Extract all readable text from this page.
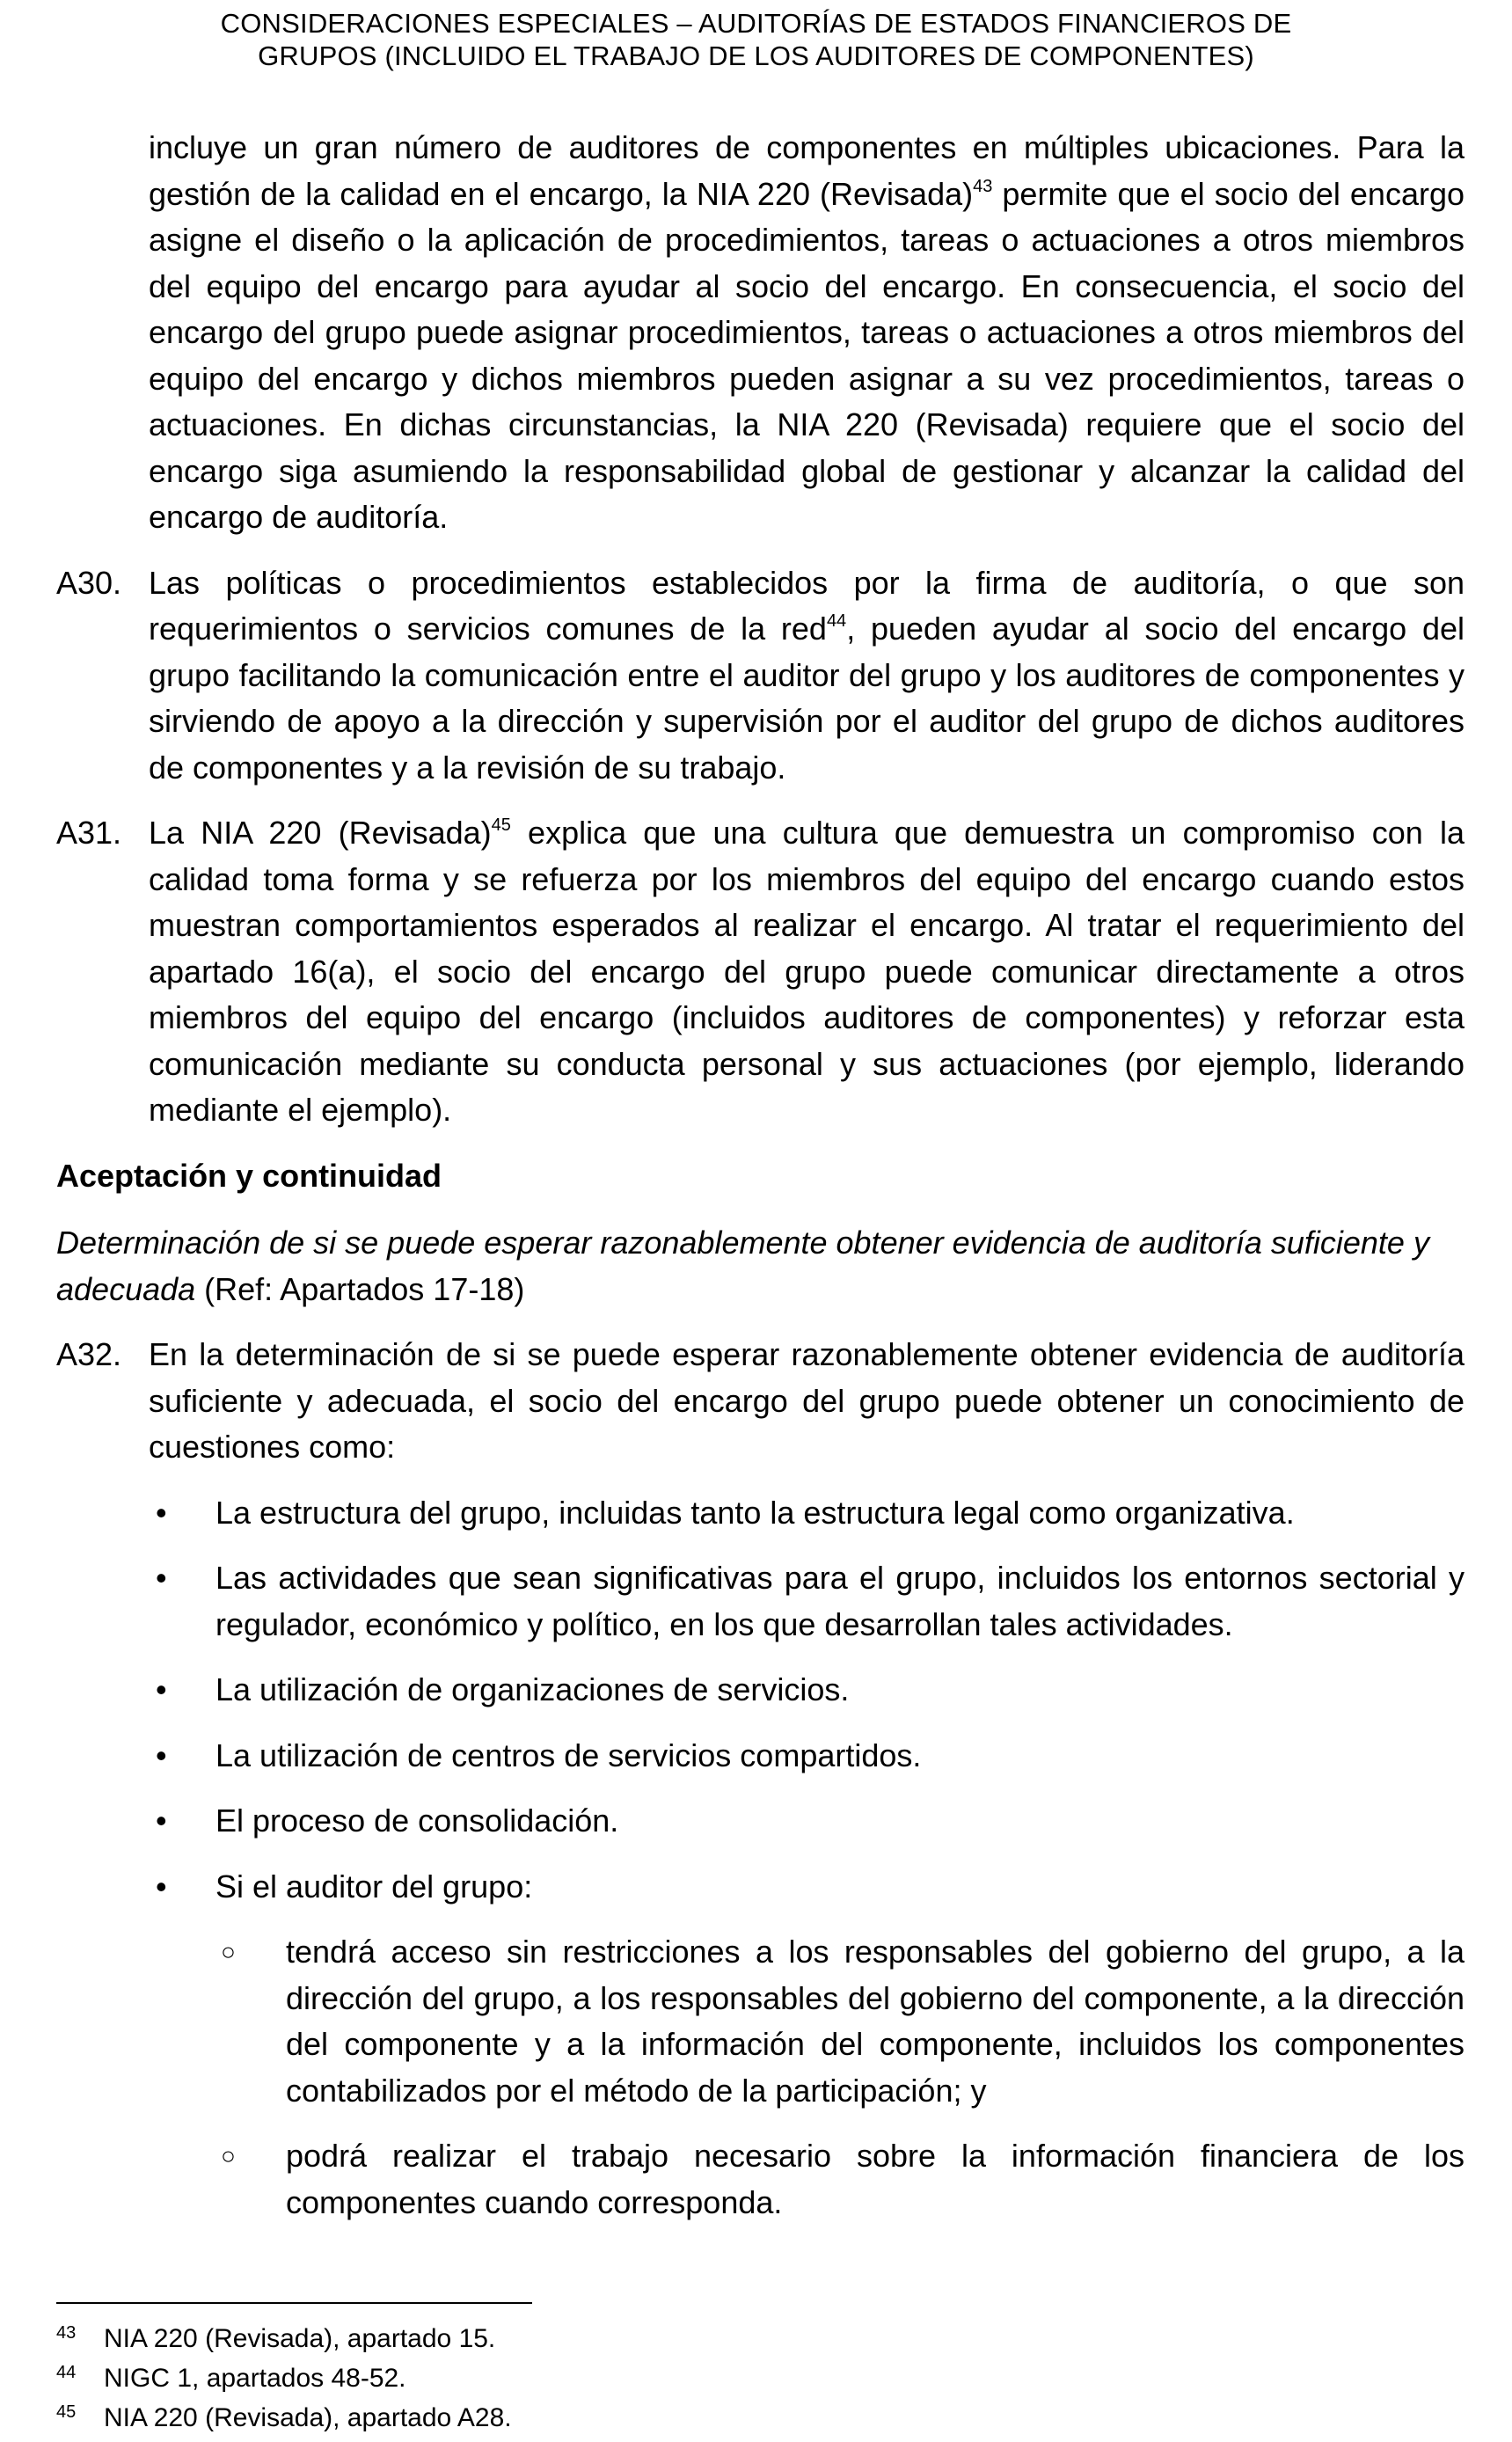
CONSIDERACIONES ESPECIALES – AUDITORÍAS DE ESTADOS FINANCIEROS DE
GRUPOS (INCLUIDO EL TRABAJO DE LOS AUDITORES DE COMPONENTES)
incluye un gran número de auditores de componentes en múltiples ubicaciones. Para la gestión de la calidad en el encargo, la NIA 220 (Revisada)$^{43}$ permite que el socio del encargo asigne el diseño o la aplicación de procedimientos, tareas o actuaciones a otros miembros del equipo del encargo para ayudar al socio del encargo. En consecuencia, el socio del encargo del grupo puede asignar procedimientos, tareas o actuaciones a otros miembros del equipo del encargo y dichos miembros pueden asignar a su vez procedimientos, tareas o actuaciones. En dichas circunstancias, la NIA 220 (Revisada) requiere que el socio del encargo siga asumiendo la responsabilidad global de gestionar y alcanzar la calidad del encargo de auditoría.
A30. Las políticas o procedimientos establecidos por la firma de auditoría, o que son requerimientos o servicios comunes de la red$^{44}$, pueden ayudar al socio del encargo del grupo facilitando la comunicación entre el auditor del grupo y los auditores de componentes y sirviendo de apoyo a la dirección y supervisión por el auditor del grupo de dichos auditores de componentes y a la revisión de su trabajo.
A31. La NIA 220 (Revisada)$^{45}$ explica que una cultura que demuestra un compromiso con la calidad toma forma y se refuerza por los miembros del equipo del encargo cuando estos muestran comportamientos esperados al realizar el encargo. Al tratar el requerimiento del apartado 16(a), el socio del encargo del grupo puede comunicar directamente a otros miembros del equipo del encargo (incluidos auditores de componentes) y reforzar esta comunicación mediante su conducta personal y sus actuaciones (por ejemplo, liderando mediante el ejemplo).
Aceptación y continuidad
Determinación de si se puede esperar razonablemente obtener evidencia de auditoría suficiente y adecuada (Ref: Apartados 17-18)
A32. En la determinación de si se puede esperar razonablemente obtener evidencia de auditoría suficiente y adecuada, el socio del encargo del grupo puede obtener un conocimiento de cuestiones como:
• La estructura del grupo, incluidas tanto la estructura legal como organizativa.
• Las actividades que sean significativas para el grupo, incluidos los entornos sectorial y regulador, económico y político, en los que desarrollan tales actividades.
• La utilización de organizaciones de servicios.
• La utilización de centros de servicios compartidos.
• El proceso de consolidación.
• Si el auditor del grupo:
○ tendrá acceso sin restricciones a los responsables del gobierno del grupo, a la dirección del grupo, a los responsables del gobierno del componente, a la dirección del componente y a la información del componente, incluidos los componentes contabilizados por el método de la participación; y
○ podrá realizar el trabajo necesario sobre la información financiera de los componentes cuando corresponda.
43 NIA 220 (Revisada), apartado 15.
44 NIGC 1, apartados 48-52.
45 NIA 220 (Revisada), apartado A28.
